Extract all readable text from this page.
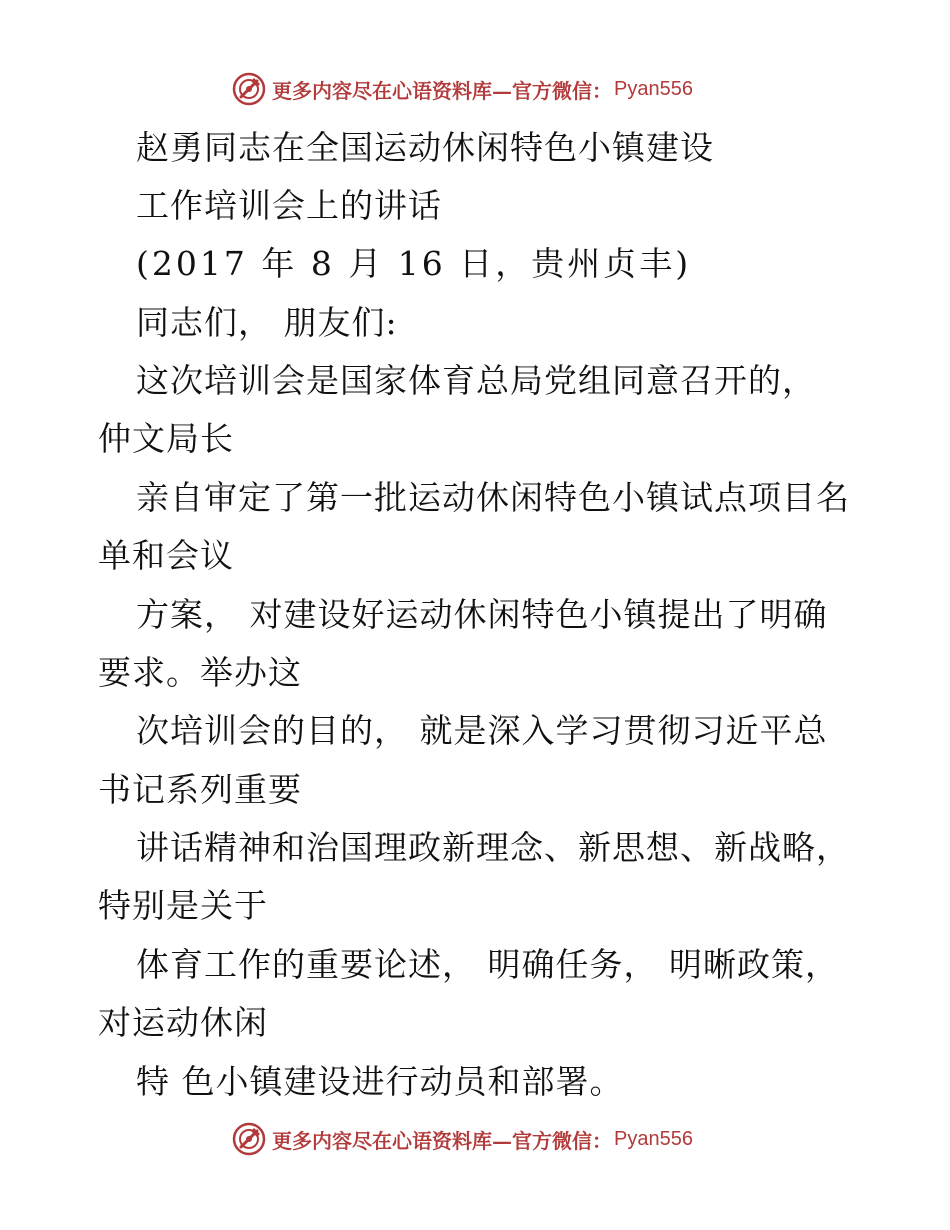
更多内容尽在心语资料库—官方微信： Pyan556
赵勇同志在全国运动休闲特色小镇建设
工作培训会上的讲话
(2017 年 8 月 16 日，贵州贞丰)
同志们， 朋友们:
这次培训会是国家体育总局党组同意召开的，
仲文局长
亲自审定了第一批运动休闲特色小镇试点项目名
单和会议
方案， 对建设好运动休闲特色小镇提出了明确
要求。举办这
次培训会的目的， 就是深入学习贯彻习近平总
书记系列重要
讲话精神和治国理政新理念、新思想、新战略，
特别是关于
体育工作的重要论述， 明确任务， 明晰政策，
对运动休闲
特 色小镇建设进行动员和部署。
更多内容尽在心语资料库—官方微信： Pyan556
